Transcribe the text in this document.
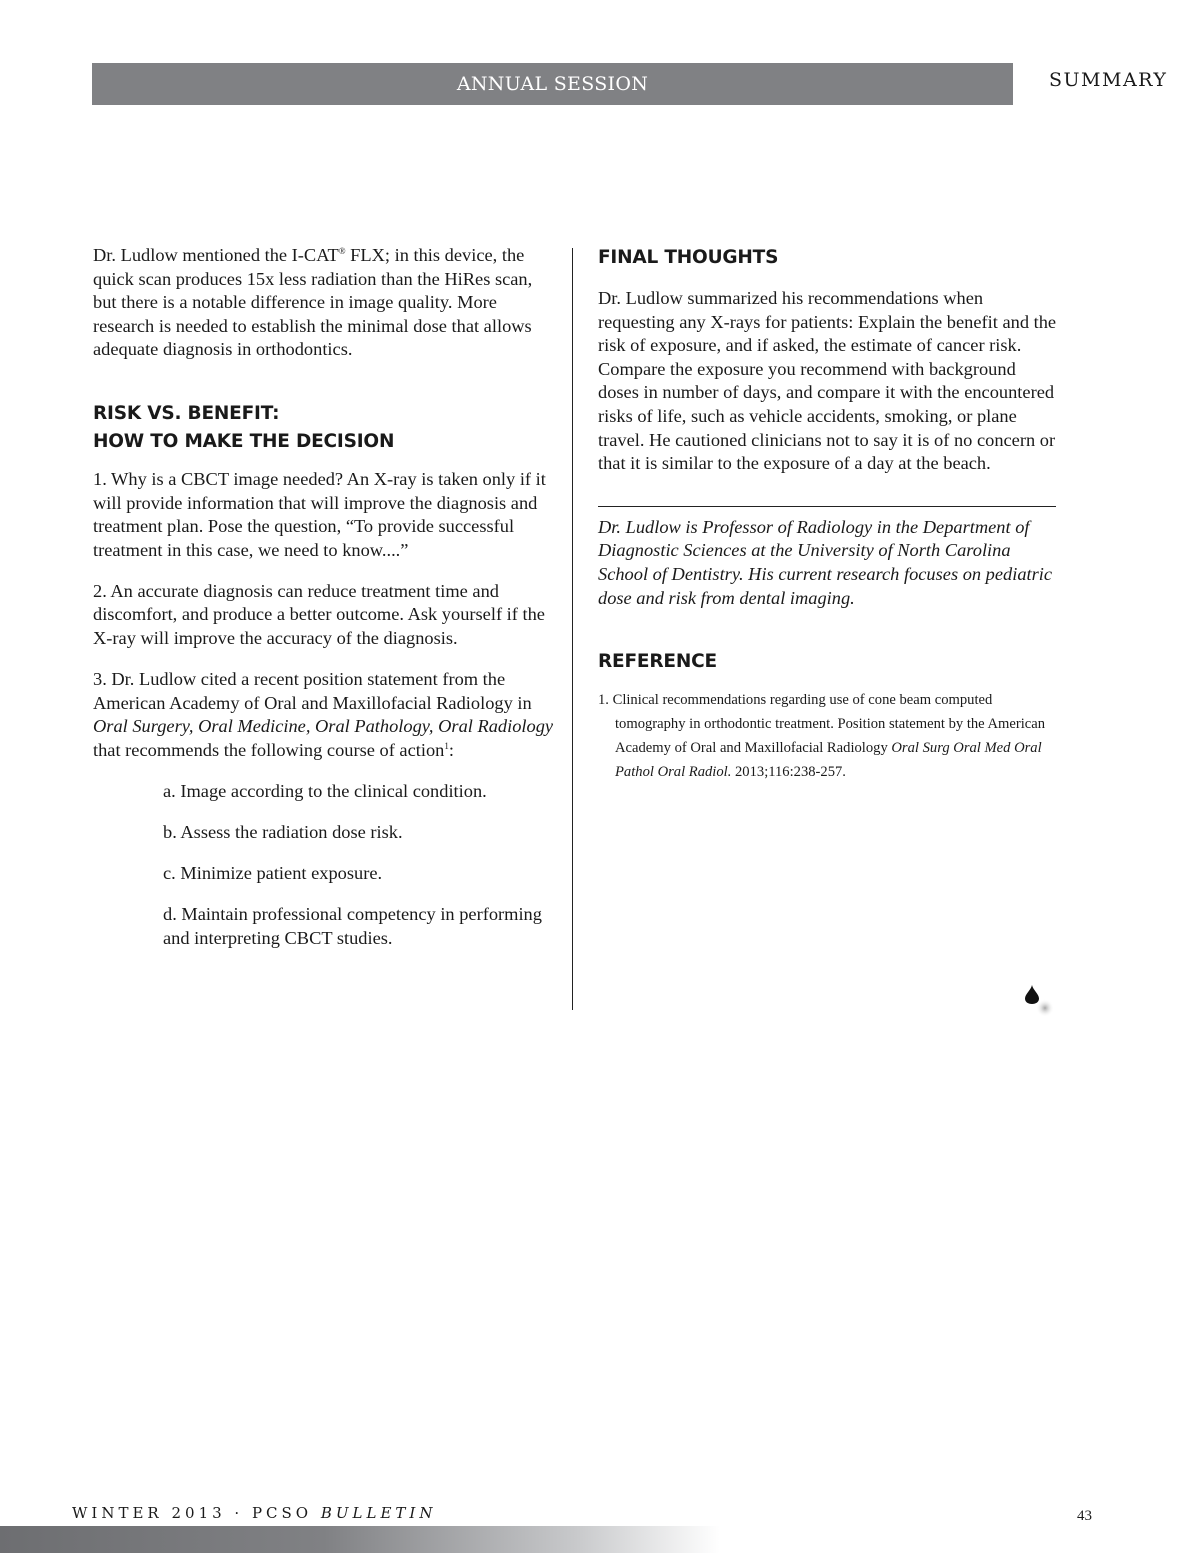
ANNUAL SESSION	SUMMARY

Dr. Ludlow mentioned the I-CAT® FLX; in this device, the quick scan produces 15x less radiation than the HiRes scan, but there is a notable difference in image quality. More research is needed to establish the minimal dose that allows adequate diagnosis in orthodontics.

RISK VS. BENEFIT:
HOW TO MAKE THE DECISION

1. Why is a CBCT image needed? An X-ray is taken only if it will provide information that will improve the diagnosis and treatment plan. Pose the question, “To provide successful treatment in this case, we need to know....”

2. An accurate diagnosis can reduce treatment time and discomfort, and produce a better outcome. Ask yourself if the X-ray will improve the accuracy of the diagnosis.

3. Dr. Ludlow cited a recent position statement from the American Academy of Oral and Maxillofacial Radiology in Oral Surgery, Oral Medicine, Oral Pathology, Oral Radiology that recommends the following course of action$^1$:

a. Image according to the clinical condition.

b. Assess the radiation dose risk.

c. Minimize patient exposure.

d. Maintain professional competency in performing and interpreting CBCT studies.

FINAL THOUGHTS

Dr. Ludlow summarized his recommendations when requesting any X-rays for patients: Explain the benefit and the risk of exposure, and if asked, the estimate of cancer risk. Compare the exposure you recommend with background doses in number of days, and compare it with the encountered risks of life, such as vehicle accidents, smoking, or plane travel. He cautioned clinicians not to say it is of no concern or that it is similar to the exposure of a day at the beach.

Dr. Ludlow is Professor of Radiology in the Department of Diagnostic Sciences at the University of North Carolina School of Dentistry. His current research focuses on pediatric dose and risk from dental imaging.

REFERENCE

1. Clinical recommendations regarding use of cone beam computed tomography in orthodontic treatment. Position statement by the American Academy of Oral and Maxillofacial Radiology Oral Surg Oral Med Oral Pathol Oral Radiol. 2013;116:238-257.

WINTER 2013 · PCSO BULLETIN	43
